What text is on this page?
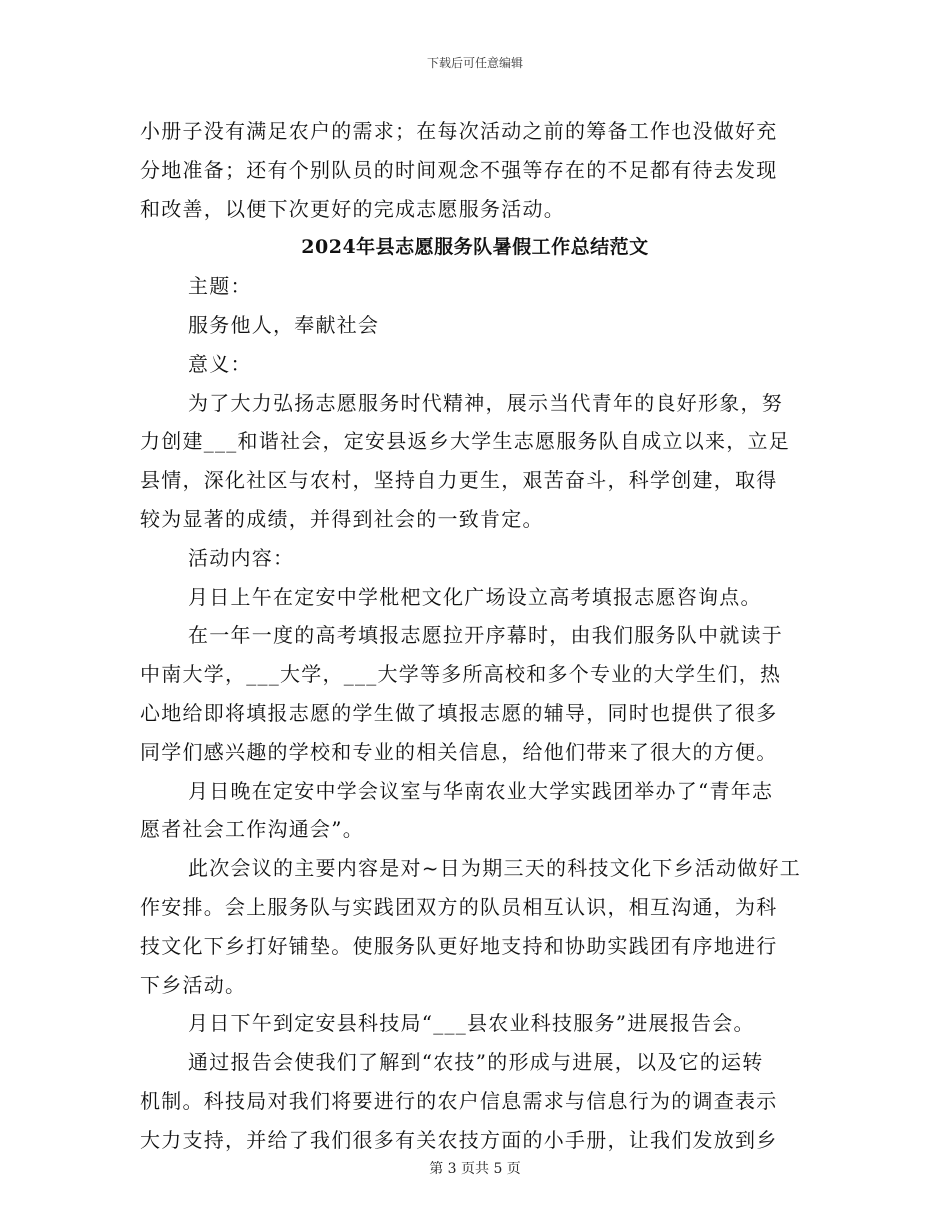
下载后可任意编辑
小册子没有满足农户的需求；在每次活动之前的筹备工作也没做好充
分地准备；还有个别队员的时间观念不强等存在的不足都有待去发现
和改善，以便下次更好的完成志愿服务活动。
2024年县志愿服务队暑假工作总结范文
主题：
服务他人，奉献社会
意义：
为了大力弘扬志愿服务时代精神，展示当代青年的良好形象，努
力创建___和谐社会，定安县返乡大学生志愿服务队自成立以来，立足
县情，深化社区与农村，坚持自力更生，艰苦奋斗，科学创建，取得
较为显著的成绩，并得到社会的一致肯定。
活动内容：
月日上午在定安中学枇杷文化广场设立高考填报志愿咨询点。
在一年一度的高考填报志愿拉开序幕时，由我们服务队中就读于
中南大学，___大学，___大学等多所高校和多个专业的大学生们，热
心地给即将填报志愿的学生做了填报志愿的辅导，同时也提供了很多
同学们感兴趣的学校和专业的相关信息，给他们带来了很大的方便。
月日晚在定安中学会议室与华南农业大学实践团举办了“青年志
愿者社会工作沟通会”。
此次会议的主要内容是对~日为期三天的科技文化下乡活动做好工
作安排。会上服务队与实践团双方的队员相互认识，相互沟通，为科
技文化下乡打好铺垫。使服务队更好地支持和协助实践团有序地进行
下乡活动。
月日下午到定安县科技局“___县农业科技服务”进展报告会。
通过报告会使我们了解到“农技”的形成与进展，以及它的运转
机制。科技局对我们将要进行的农户信息需求与信息行为的调查表示
大力支持，并给了我们很多有关农技方面的小手册，让我们发放到乡
第 3 页共 5 页
